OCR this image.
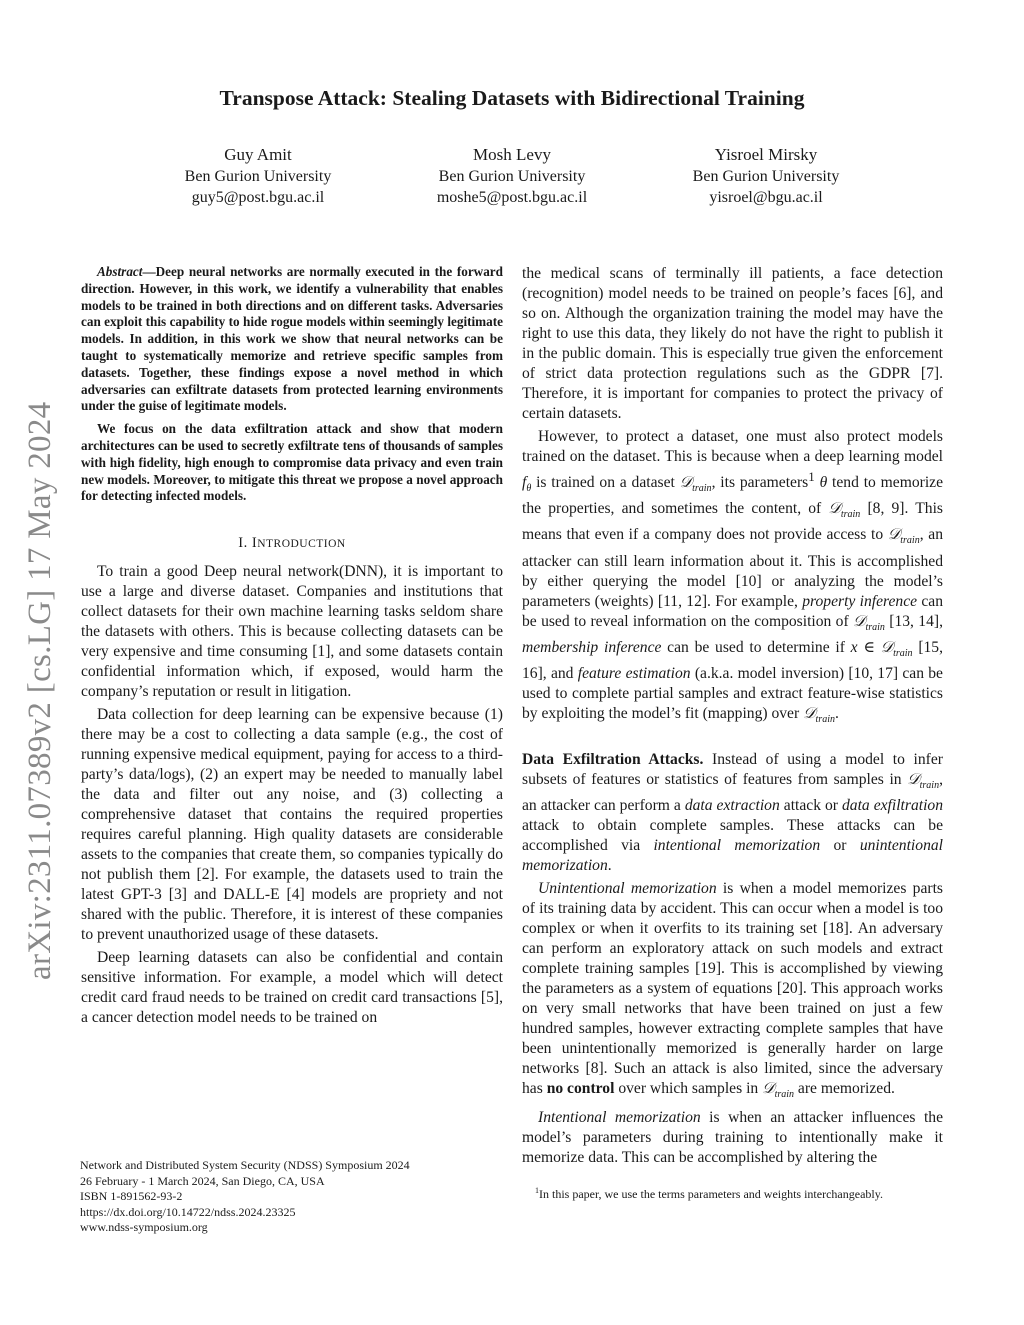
Transpose Attack: Stealing Datasets with Bidirectional Training
Guy Amit
Ben Gurion University
guy5@post.bgu.ac.il
Mosh Levy
Ben Gurion University
moshe5@post.bgu.ac.il
Yisroel Mirsky
Ben Gurion University
yisroel@bgu.ac.il
arXiv:2311.07389v2 [cs.LG] 17 May 2024

Abstract—Deep neural networks are normally executed in the forward direction. However, in this work, we identify a vulnerability that enables models to be trained in both directions and on different tasks. Adversaries can exploit this capability to hide rogue models within seemingly legitimate models. In addition, in this work we show that neural networks can be taught to systematically memorize and retrieve specific samples from datasets. Together, these findings expose a novel method in which adversaries can exfiltrate datasets from protected learning environments under the guise of legitimate models.

We focus on the data exfiltration attack and show that modern architectures can be used to secretly exfiltrate tens of thousands of samples with high fidelity, high enough to compromise data privacy and even train new models. Moreover, to mitigate this threat we propose a novel approach for detecting infected models.

I. INTRODUCTION

To train a good Deep neural network(DNN), it is important to use a large and diverse dataset. Companies and institutions that collect datasets for their own machine learning tasks seldom share the datasets with others. This is because collecting datasets can be very expensive and time consuming [1], and some datasets contain confidential information which, if exposed, would harm the company’s reputation or result in litigation.

Data collection for deep learning can be expensive because (1) there may be a cost to collecting a data sample (e.g., the cost of running expensive medical equipment, paying for access to a third-party’s data/logs), (2) an expert may be needed to manually label the data and filter out any noise, and (3) collecting a comprehensive dataset that contains the required properties requires careful planning. High quality datasets are considerable assets to the companies that create them, so companies typically do not publish them [2]. For example, the datasets used to train the latest GPT-3 [3] and DALL-E [4] models are propriety and not shared with the public. Therefore, it is interest of these companies to prevent unauthorized usage of these datasets.

Deep learning datasets can also be confidential and contain sensitive information. For example, a model which will detect credit card fraud needs to be trained on credit card transactions [5], a cancer detection model needs to be trained on

the medical scans of terminally ill patients, a face detection (recognition) model needs to be trained on people’s faces [6], and so on. Although the organization training the model may have the right to use this data, they likely do not have the right to publish it in the public domain. This is especially true given the enforcement of strict data protection regulations such as the GDPR [7]. Therefore, it is important for companies to protect the privacy of certain datasets.

However, to protect a dataset, one must also protect models trained on the dataset. This is because when a deep learning model $f_\theta$ is trained on a dataset 𝒟$_{train}$, its parameters$^1$ θ tend to memorize the properties, and sometimes the content, of 𝒟$_{train}$ [8, 9]. This means that even if a company does not provide access to 𝒟$_{train}$, an attacker can still learn information about it. This is accomplished by either querying the model [10] or analyzing the model’s parameters (weights) [11, 12]. For example, property inference can be used to reveal information on the composition of 𝒟$_{train}$ [13, 14], membership inference can be used to determine if x ∈ 𝒟$_{train}$ [15, 16], and feature estimation (a.k.a. model inversion) [10, 17] can be used to complete partial samples and extract feature-wise statistics by exploiting the model’s fit (mapping) over 𝒟$_{train}$.

Data Exfiltration Attacks. Instead of using a model to infer subsets of features or statistics of features from samples in 𝒟$_{train}$, an attacker can perform a data extraction attack or data exfiltration attack to obtain complete samples. These attacks can be accomplished via intentional memorization or unintentional memorization.

Unintentional memorization is when a model memorizes parts of its training data by accident. This can occur when a model is too complex or when it overfits to its training set [18]. An adversary can perform an exploratory attack on such models and extract complete training samples [19]. This is accomplished by viewing the parameters as a system of equations [20]. This approach works on very small networks that have been trained on just a few hundred samples, however extracting complete samples that have been unintentionally memorized is generally harder on large networks [8]. Such an attack is also limited, since the adversary has no control over which samples in 𝒟$_{train}$ are memorized.

Intentional memorization is when an attacker influences the model’s parameters during training to intentionally make it memorize data. This can be accomplished by altering the

Network and Distributed System Security (NDSS) Symposium 2024
26 February - 1 March 2024, San Diego, CA, USA
ISBN 1-891562-93-2
https://dx.doi.org/10.14722/ndss.2024.23325
www.ndss-symposium.org
$^1$In this paper, we use the terms parameters and weights interchangeably.
